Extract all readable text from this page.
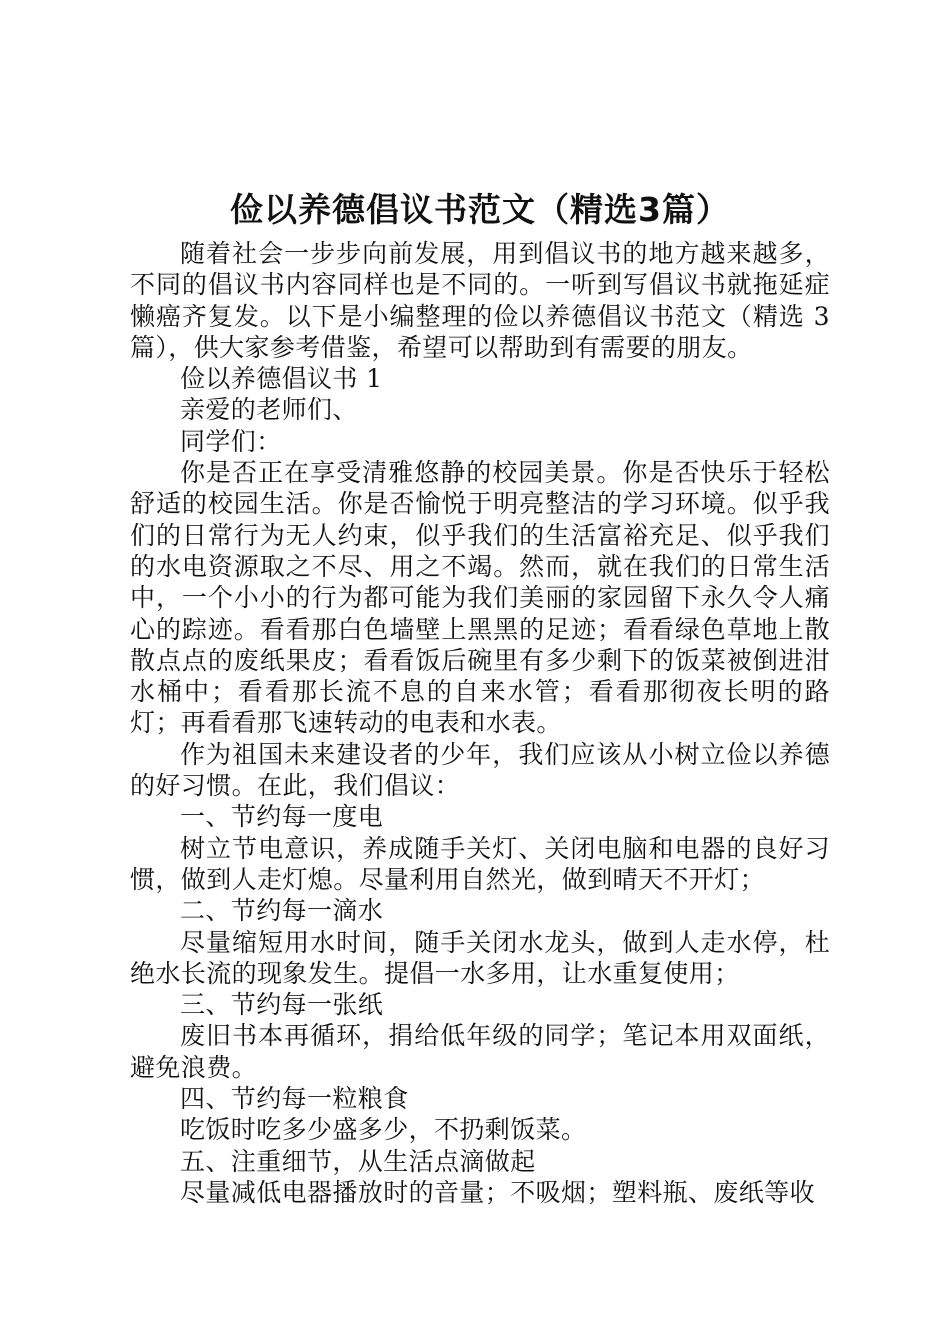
俭以养德倡议书范文（精选3篇）

随着社会一步步向前发展，用到倡议书的地方越来越多，不同的倡议书内容同样也是不同的。一听到写倡议书就拖延症懒癌齐复发。以下是小编整理的俭以养德倡议书范文（精选 3 篇），供大家参考借鉴，希望可以帮助到有需要的朋友。

俭以养德倡议书 1

亲爱的老师们、

同学们：

你是否正在享受清雅悠静的校园美景。你是否快乐于轻松舒适的校园生活。你是否愉悦于明亮整洁的学习环境。似乎我们的日常行为无人约束，似乎我们的生活富裕充足、似乎我们的水电资源取之不尽、用之不竭。然而，就在我们的日常生活中，一个小小的行为都可能为我们美丽的家园留下永久令人痛心的踪迹。看看那白色墙壁上黑黑的足迹；看看绿色草地上散散点点的废纸果皮；看看饭后碗里有多少剩下的饭菜被倒进泔水桶中；看看那长流不息的自来水管；看看那彻夜长明的路灯；再看看那飞速转动的电表和水表。

作为祖国未来建设者的少年，我们应该从小树立俭以养德的好习惯。在此，我们倡议：

一、节约每一度电

树立节电意识，养成随手关灯、关闭电脑和电器的良好习惯，做到人走灯熄。尽量利用自然光，做到晴天不开灯；

二、节约每一滴水

尽量缩短用水时间，随手关闭水龙头，做到人走水停，杜绝水长流的现象发生。提倡一水多用，让水重复使用；

三、节约每一张纸

废旧书本再循环，捐给低年级的同学；笔记本用双面纸，避免浪费。

四、节约每一粒粮食

吃饭时吃多少盛多少，不扔剩饭菜。

五、注重细节，从生活点滴做起

尽量减低电器播放时的音量；不吸烟；塑料瓶、废纸等收
